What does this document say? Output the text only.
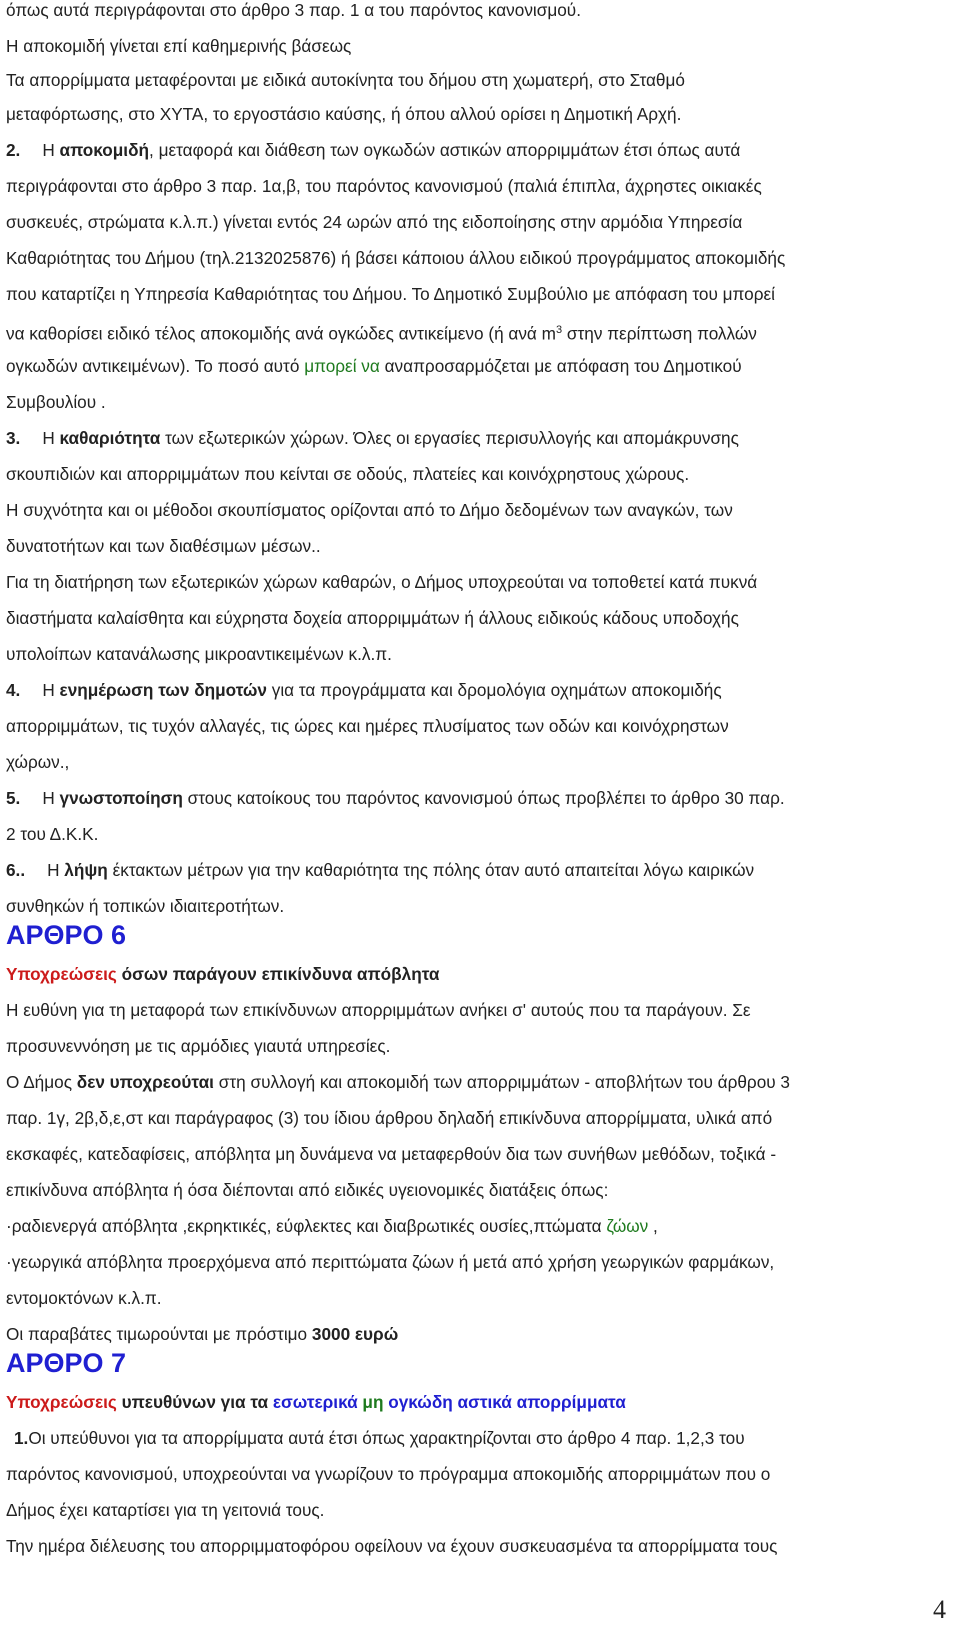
όπως αυτά περιγράφονται στο άρθρο 3 παρ. 1 α του παρόντος κανονισμού.
Η αποκομιδή γίνεται επί καθημερινής βάσεως
Τα απορρίμματα μεταφέρονται με ειδικά αυτοκίνητα του δήμου στη χωματερή, στο Σταθμό
μεταφόρτωσης, στο ΧΥΤΑ, το εργοστάσιο καύσης, ή όπου αλλού ορίσει η Δημοτική Αρχή.
2. Η αποκομιδή, μεταφορά και διάθεση των ογκωδών αστικών απορριμμάτων έτσι όπως αυτά
περιγράφονται στο άρθρο 3 παρ. 1α,β, του παρόντος κανονισμού (παλιά έπιπλα, άχρηστες οικιακές
συσκευές, στρώματα κ.λ.π.) γίνεται εντός 24 ωρών από της ειδοποίησης στην αρμόδια Υπηρεσία
Καθαριότητας του Δήμου (τηλ.2132025876) ή βάσει κάποιου άλλου ειδικού προγράμματος αποκομιδής
που καταρτίζει η Υπηρεσία Καθαριότητας του Δήμου. Το Δημοτικό Συμβούλιο με απόφαση του μπορεί
να καθορίσει ειδικό τέλος αποκομιδής ανά ογκώδες αντικείμενο (ή ανά $m^3$ στην περίπτωση πολλών
ογκωδών αντικειμένων). Το ποσό αυτό μπορεί να αναπροσαρμόζεται με απόφαση του Δημοτικού
Συμβουλίου .
3. Η καθαριότητα των εξωτερικών χώρων. Όλες οι εργασίες περισυλλογής και απομάκρυνσης
σκουπιδιών και απορριμμάτων που κείνται σε οδούς, πλατείες και κοινόχρηστους χώρους.
Η συχνότητα και οι μέθοδοι σκουπίσματος ορίζονται από το Δήμο δεδομένων των αναγκών, των
δυνατοτήτων και των διαθέσιμων μέσων..
Για τη διατήρηση των εξωτερικών χώρων καθαρών, ο Δήμος υποχρεούται να τοποθετεί κατά πυκνά
διαστήματα καλαίσθητα και εύχρηστα δοχεία απορριμμάτων ή άλλους ειδικούς κάδους υποδοχής
υπολοίπων κατανάλωσης μικροαντικειμένων κ.λ.π.
4. Η ενημέρωση των δημοτών για τα προγράμματα και δρομολόγια οχημάτων αποκομιδής
απορριμμάτων, τις τυχόν αλλαγές, τις ώρες και ημέρες πλυσίματος των οδών και κοινόχρηστων
χώρων.,
5. Η γνωστοποίηση στους κατοίκους του παρόντος κανονισμού όπως προβλέπει το άρθρο 30 παρ.
2 του Δ.Κ.Κ.
6.. Η λήψη έκτακτων μέτρων για την καθαριότητα της πόλης όταν αυτό απαιτείται λόγω καιρικών
συνθηκών ή τοπικών ιδιαιτεροτήτων.
ΑΡΘΡΟ 6
Υποχρεώσεις όσων παράγουν επικίνδυνα απόβλητα
Η ευθύνη για τη μεταφορά των επικίνδυνων απορριμμάτων ανήκει σ' αυτούς που τα παράγουν. Σε
προσυνεννόηση με τις αρμόδιες γιαυτά υπηρεσίες.
Ο Δήμος δεν υποχρεούται στη συλλογή και αποκομιδή των απορριμμάτων - αποβλήτων του άρθρου 3
παρ. 1γ, 2β,δ,ε,στ και παράγραφος (3) του ίδιου άρθρου δηλαδή επικίνδυνα απορρίμματα, υλικά από
εκσκαφές, κατεδαφίσεις, απόβλητα μη δυνάμενα να μεταφερθούν δια των συνήθων μεθόδων, τοξικά -
επικίνδυνα απόβλητα ή όσα διέπονται από ειδικές υγειονομικές διατάξεις όπως:
·ραδιενεργά απόβλητα ,εκρηκτικές, εύφλεκτες και διαβρωτικές ουσίες,πτώματα ζώων ,
·γεωργικά απόβλητα προερχόμενα από περιττώματα ζώων ή μετά από χρήση γεωργικών φαρμάκων,
εντομοκτόνων κ.λ.π.
Οι παραβάτες τιμωρούνται με πρόστιμο 3000 ευρώ
ΑΡΘΡΟ 7
Υποχρεώσεις υπευθύνων για τα εσωτερικά μη ογκώδη αστικά απορρίμματα
1.Οι υπεύθυνοι για τα απορρίμματα αυτά έτσι όπως χαρακτηρίζονται στο άρθρο 4 παρ. 1,2,3 του
παρόντος κανονισμού, υποχρεούνται να γνωρίζουν το πρόγραμμα αποκομιδής απορριμμάτων που ο
Δήμος έχει καταρτίσει για τη γειτονιά τους.
Την ημέρα διέλευσης του απορριμματοφόρου οφείλουν να έχουν συσκευασμένα τα απορρίμματα τους
4
